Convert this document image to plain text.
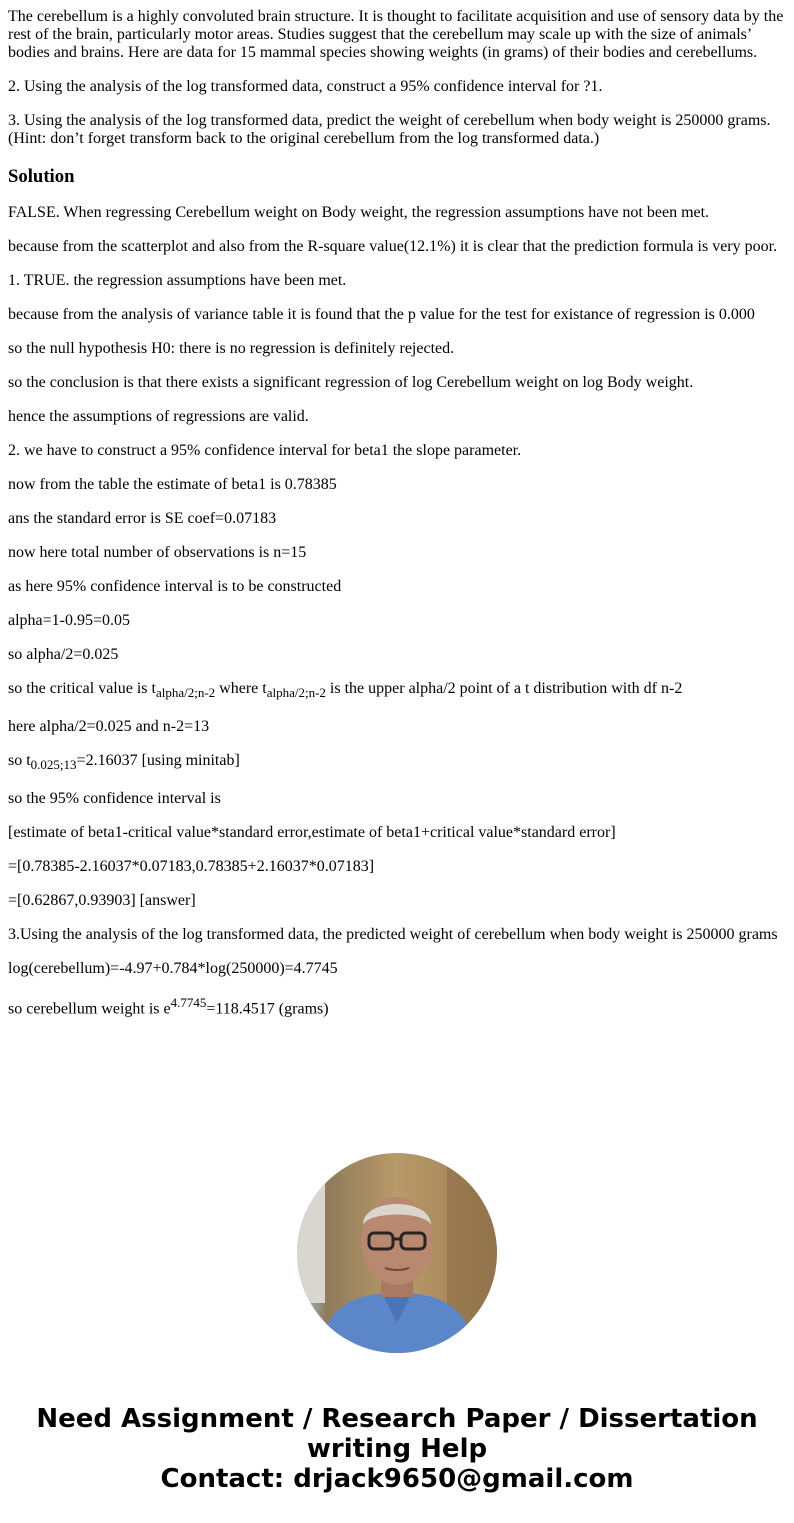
The cerebellum is a highly convoluted brain structure. It is thought to facilitate acquisition and use of sensory data by the rest of the brain, particularly motor areas. Studies suggest that the cerebellum may scale up with the size of animals’ bodies and brains. Here are data for 15 mammal species showing weights (in grams) of their bodies and cerebellums.

2. Using the analysis of the log transformed data, construct a 95% confidence interval for ?1.

3. Using the analysis of the log transformed data, predict the weight of cerebellum when body weight is 250000 grams. (Hint: don’t forget transform back to the original cerebellum from the log transformed data.)

Solution

FALSE. When regressing Cerebellum weight on Body weight, the regression assumptions have not been met.

because from the scatterplot and also from the R-square value(12.1%) it is clear that the prediction formula is very poor.

1. TRUE. the regression assumptions have been met.

because from the analysis of variance table it is found that the p value for the test for existance of regression is 0.000

so the null hypothesis H0: there is no regression is definitely rejected.

so the conclusion is that there exists a significant regression of log Cerebellum weight on log Body weight.

hence the assumptions of regressions are valid.

2. we have to construct a 95% confidence interval for beta1 the slope parameter.

now from the table the estimate of beta1 is 0.78385

ans the standard error is SE coef=0.07183

now here total number of observations is n=15

as here 95% confidence interval is to be constructed

alpha=1-0.95=0.05

so alpha/2=0.025

so the critical value is $t_{alpha/2;n-2}$ where $t_{alpha/2;n-2}$ is the upper alpha/2 point of a t distribution with df n-2

here alpha/2=0.025 and n-2=13

so $t_{0.025;13}=2.16037$ [using minitab]

so the 95% confidence interval is

[estimate of beta1-critical value*standard error,estimate of beta1+critical value*standard error]

=[0.78385-2.16037*0.07183,0.78385+2.16037*0.07183]

=[0.62867,0.93903] [answer]

3.Using the analysis of the log transformed data, the predicted weight of cerebellum when body weight is 250000 grams

log(cerebellum)=-4.97+0.784*log(250000)=4.7745

so cerebellum weight is $e^{4.7745}=118.4517$ (grams)

Need Assignment / Research Paper / Dissertation
writing Help
Contact: drjack9650@gmail.com
